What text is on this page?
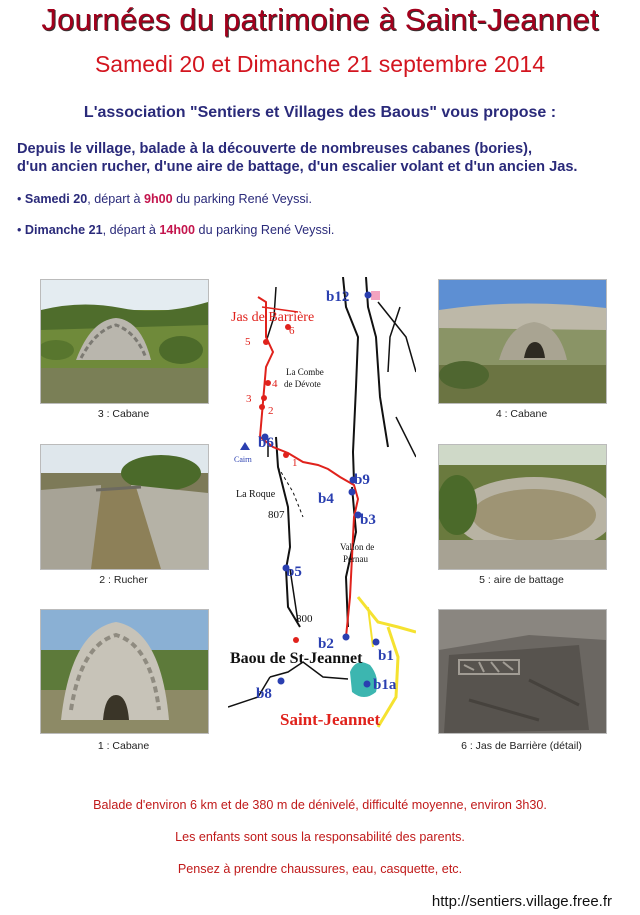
Journées du patrimoine à Saint-Jeannet
Samedi 20 et Dimanche 21 septembre 2014
L'association "Sentiers et Villages des Baous" vous propose :
Depuis le village, balade à la découverte de nombreuses cabanes (bories),
d'un ancien rucher, d'une aire de battage, d'un escalier volant et d'un ancien Jas.
• Samedi 20, départ à 9h00 du parking René Veyssi.
• Dimanche 21, départ à 14h00 du parking René Veyssi.
3 : Cabane	4 : Cabane
2 : Rucher	5 : aire de battage
1 : Cabane	6 : Jas de Barrière (détail)
6
5
4
3
2
1
b12
b6
b9
b4
b3
b5
b2
b1
b1a
b8
Jas de Barrière
La Combe
de Dévote
Cairn
La Roque
807
Vallon de
Pernau
800
Baou de St-Jeannet
Saint-Jeannet
Balade d'environ 6 km et de 380 m de dénivelé, difficulté moyenne, environ 3h30.
Les enfants sont sous la responsabilité des parents.
Pensez à prendre chaussures, eau, casquette, etc.
http://sentiers.village.free.fr
